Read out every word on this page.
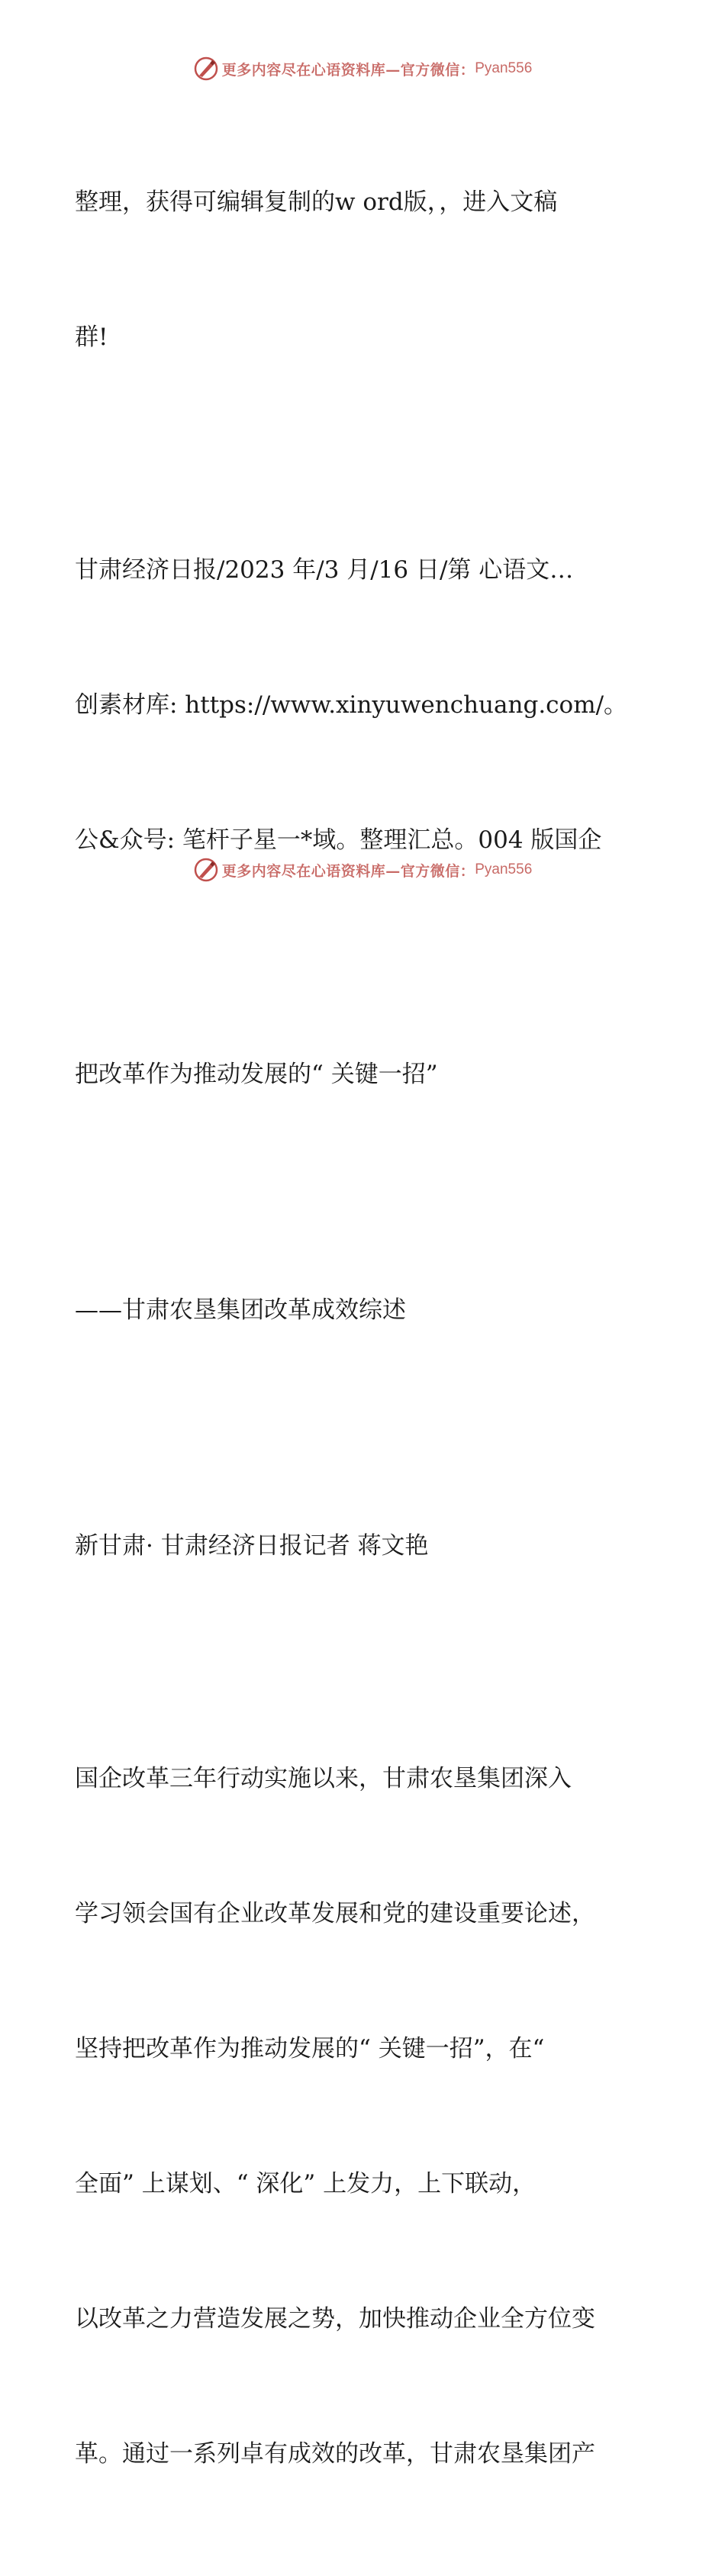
更多内容尽在心语资料库—官方微信： Pyan556

整理，获得可编辑复制的w ord版，，进入文稿

群!

甘肃经济日报/2023 年/3 月/16 日/第 心语文…

创素材库: https://www.xinyuwenchuang.com/。

公&众号: 笔杆子星一*域。整理汇总。004 版国企

把改革作为推动发展的“ 关键一招”

——甘肃农垦集团改革成效综述

新甘肃· 甘肃经济日报记者 蒋文艳

国企改革三年行动实施以来，甘肃农垦集团深入

学习领会国有企业改革发展和党的建设重要论述，

坚持把改革作为推动发展的“ 关键一招”，在“

全面” 上谋划、“ 深化” 上发力，上下联动，

以改革之力营造发展之势，加快推动企业全方位变

革。通过一系列卓有成效的改革，甘肃农垦集团产

更多内容尽在心语资料库—官方微信： Pyan556
